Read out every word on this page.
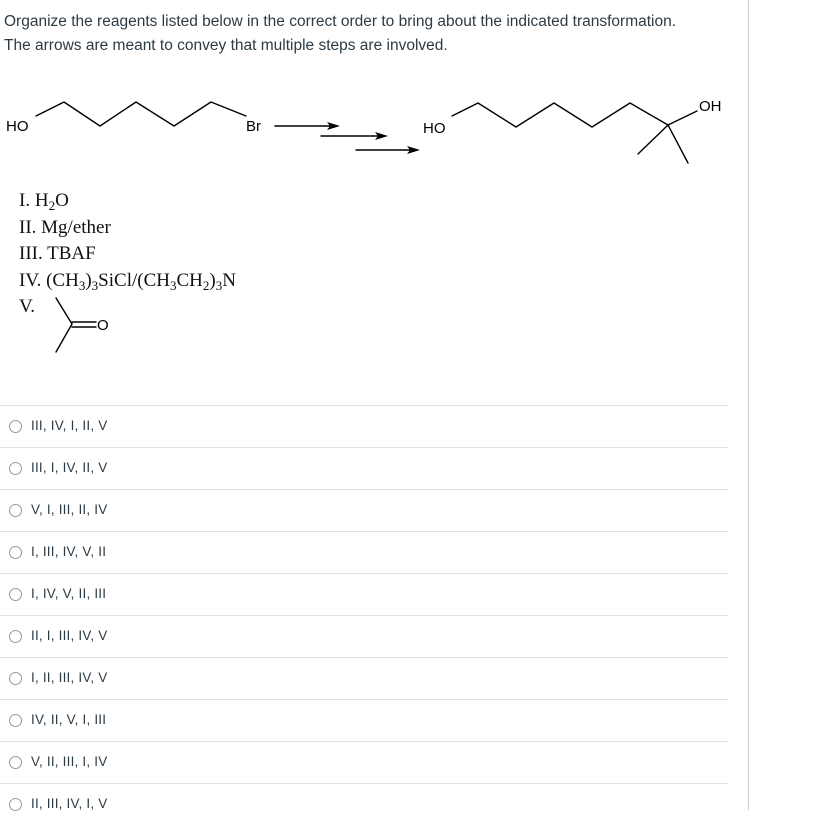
Organize the reagents listed below in the correct order to bring about the indicated transformation.

The arrows are meant to convey that multiple steps are involved.

HO	Br	HO
OH
I. $H_2O$
II. Mg/ether
III. TBAF
IV. $(CH_3)_3SiCl/(CH_3CH_2)_3N$
V.
O
III, IV, I, II, V
III, I, IV, II, V
V, I, III, II, IV
I, III, IV, V, II
I, IV, V, II, III
II, I, III, IV, V
I, II, III, IV, V
IV, II, V, I, III
V, II, III, I, IV
II, III, IV, I, V
